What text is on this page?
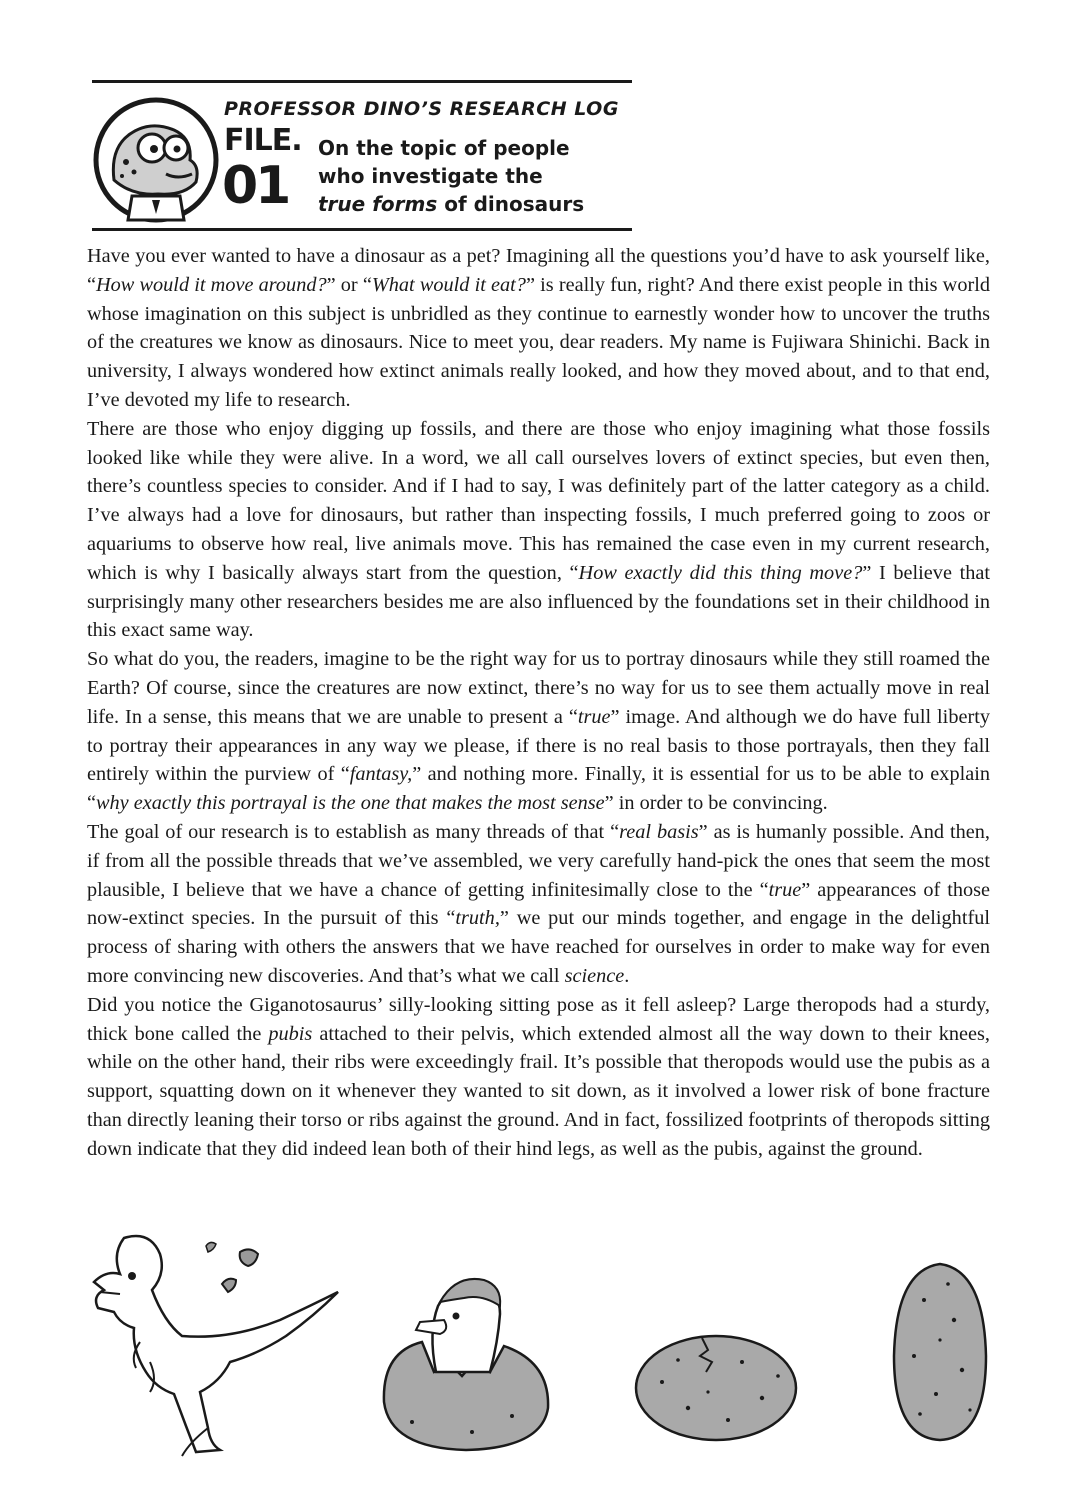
PROFESSOR DINO’S RESEARCH LOG
FILE.
01
On the topic of people
who investigate the
true forms of dinosaurs

Have you ever wanted to have a dinosaur as a pet? Imagining all the questions you’d have to ask yourself like, “How would it move around?” or “What would it eat?” is really fun, right? And there exist people in this world whose imagination on this subject is unbridled as they continue to earnestly wonder how to uncover the truths of the creatures we know as dinosaurs. Nice to meet you, dear readers. My name is Fujiwara Shinichi. Back in university, I always wondered how extinct animals really looked, and how they moved about, and to that end, I’ve devoted my life to research.

There are those who enjoy digging up fossils, and there are those who enjoy imagining what those fossils looked like while they were alive. In a word, we all call ourselves lovers of extinct species, but even then, there’s countless species to consider. And if I had to say, I was definitely part of the latter category as a child. I’ve always had a love for dinosaurs, but rather than inspecting fossils, I much preferred going to zoos or aquariums to observe how real, live animals move. This has remained the case even in my current research, which is why I basically always start from the question, “How exactly did this thing move?” I believe that surprisingly many other researchers besides me are also influenced by the foundations set in their childhood in this exact same way.

So what do you, the readers, imagine to be the right way for us to portray dinosaurs while they still roamed the Earth? Of course, since the creatures are now extinct, there’s no way for us to see them actually move in real life. In a sense, this means that we are unable to present a “true” image. And although we do have full liberty to portray their appearances in any way we please, if there is no real basis to those portrayals, then they fall entirely within the purview of “fantasy,” and nothing more. Finally, it is essential for us to be able to explain “why exactly this portrayal is the one that makes the most sense” in order to be convincing.

The goal of our research is to establish as many threads of that “real basis” as is humanly possible. And then, if from all the possible threads that we’ve assembled, we very carefully hand-pick the ones that seem the most plausible, I believe that we have a chance of getting infinitesimally close to the “true” appearances of those now-extinct species. In the pursuit of this “truth,” we put our minds together, and engage in the delightful process of sharing with others the answers that we have reached for ourselves in order to make way for even more convincing new discoveries. And that’s what we call science.

Did you notice the Giganotosaurus’ silly-looking sitting pose as it fell asleep? Large theropods had a sturdy, thick bone called the pubis attached to their pelvis, which extended almost all the way down to their knees, while on the other hand, their ribs were exceedingly frail. It’s possible that theropods would use the pubis as a support, squatting down on it whenever they wanted to sit down, as it involved a lower risk of bone fracture than directly leaning their torso or ribs against the ground. And in fact, fossilized footprints of theropods sitting down indicate that they did indeed lean both of their hind legs, as well as the pubis, against the ground.
